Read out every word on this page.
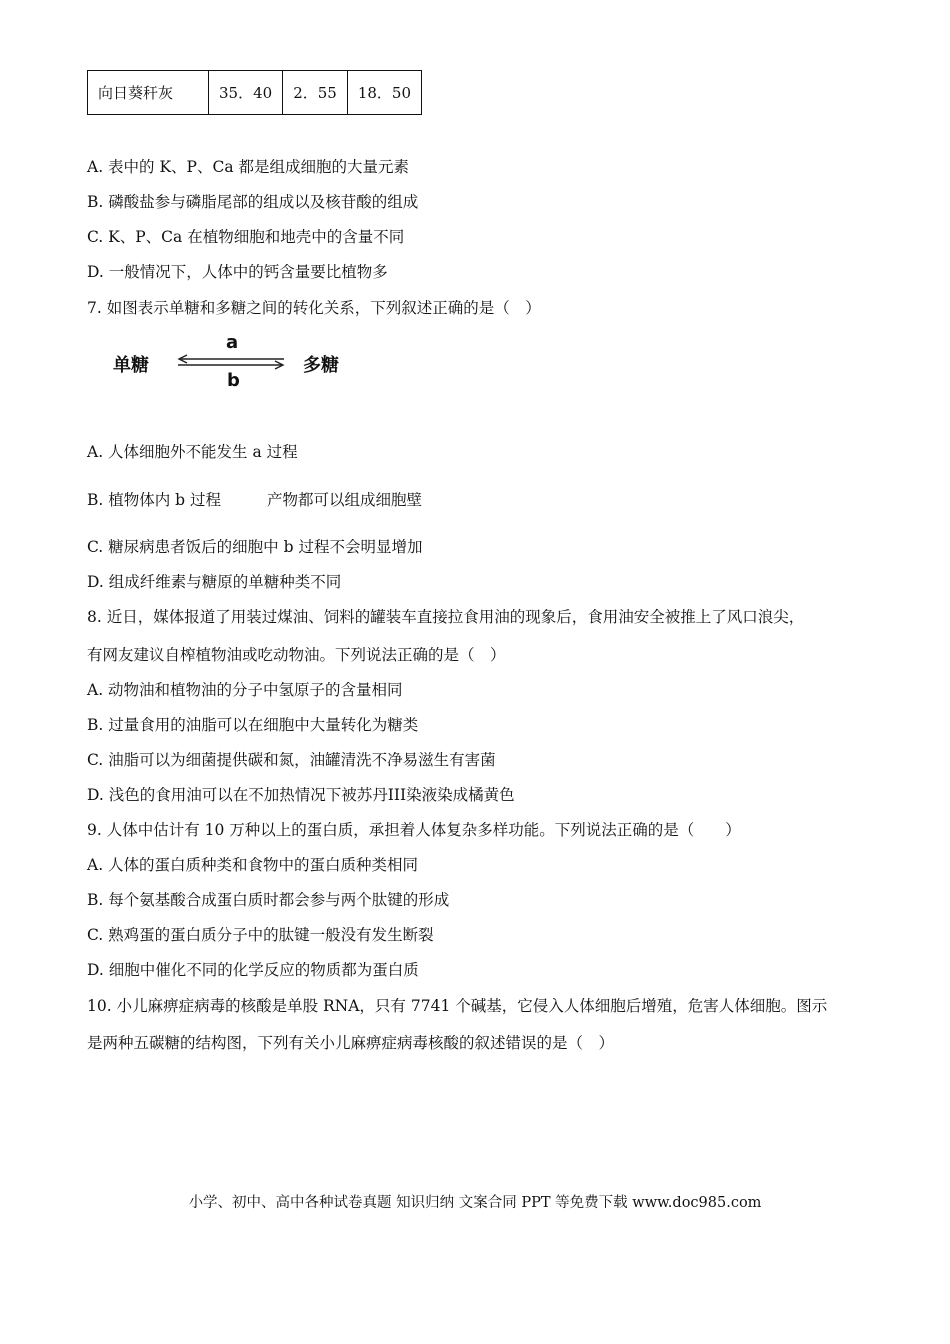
向日葵秆灰	35．40	2．55	18．50
A. 表中的 K、P、Ca 都是组成细胞的大量元素
B. 磷酸盐参与磷脂尾部的组成以及核苷酸的组成
C. K、P、Ca 在植物细胞和地壳中的含量不同
D. 一般情况下，人体中的钙含量要比植物多
7. 如图表示单糖和多糖之间的转化关系，下列叙述正确的是（　）
单糖	多糖
a
b
A. 人体细胞外不能发生 a 过程
B. 植物体内 b 过程	产物都可以组成细胞壁
C. 糖尿病患者饭后的细胞中 b 过程不会明显增加
D. 组成纤维素与糖原的单糖种类不同
8. 近日，媒体报道了用装过煤油、饲料的罐装车直接拉食用油的现象后，食用油安全被推上了风口浪尖，
有网友建议自榨植物油或吃动物油。下列说法正确的是（　）
A. 动物油和植物油的分子中氢原子的含量相同
B. 过量食用的油脂可以在细胞中大量转化为糖类
C. 油脂可以为细菌提供碳和氮，油罐清洗不净易滋生有害菌
D. 浅色的食用油可以在不加热情况下被苏丹III染液染成橘黄色
9. 人体中估计有 10 万种以上的蛋白质，承担着人体复杂多样功能。下列说法正确的是（　　）
A. 人体的蛋白质种类和食物中的蛋白质种类相同
B. 每个氨基酸合成蛋白质时都会参与两个肽键的形成
C. 熟鸡蛋的蛋白质分子中的肽键一般没有发生断裂
D. 细胞中催化不同的化学反应的物质都为蛋白质
10. 小儿麻痹症病毒的核酸是单股 RNA，只有 7741 个碱基，它侵入人体细胞后增殖，危害人体细胞。图示
是两种五碳糖的结构图，下列有关小儿麻痹症病毒核酸的叙述错误的是（　）
小学、初中、高中各种试卷真题 知识归纳 文案合同 PPT 等免费下载 www.doc985.com
